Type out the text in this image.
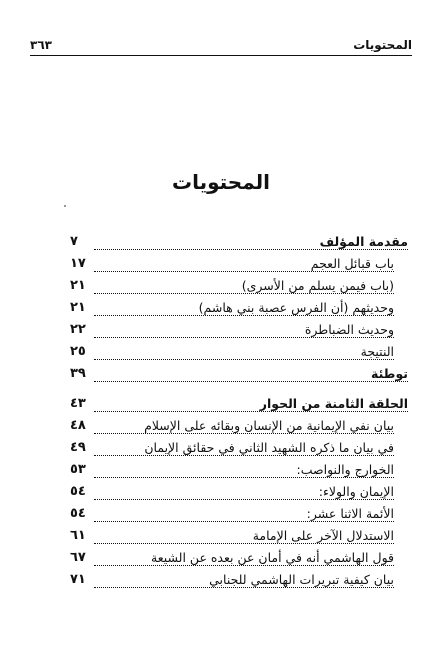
المحتويات
٣٦٣
المحتويات
مقدمة المؤلف
٧
باب قبائل العجم
١٧
(باب فيمن يسلم من الأسرى)
٢١
وحديثهم (أن الفرس عصبة بني هاشم)
٢١
وحديث الضباطرة
٢٢
النتيجة
٢٥
توطئة
٣٩
الحلقة الثامنة من الحوار
٤٣
بيان نفي الإيمانية من الإنسان وبقائه على الإسلام
٤٨
في بيان ما ذكره الشهيد الثاني في حقائق الإيمان
٤٩
الخوارج والنواصب:
٥٣
الإيمان والولاء:
٥٤
الأئمة الاثنا عشر:
٥٤
الاستدلال الآخر على الإمامة
٦١
قول الهاشمي أنه في أمان عن بعده عن الشيعة
٦٧
بيان كيفية تبريرات الهاشمي للجنابي
٧١
